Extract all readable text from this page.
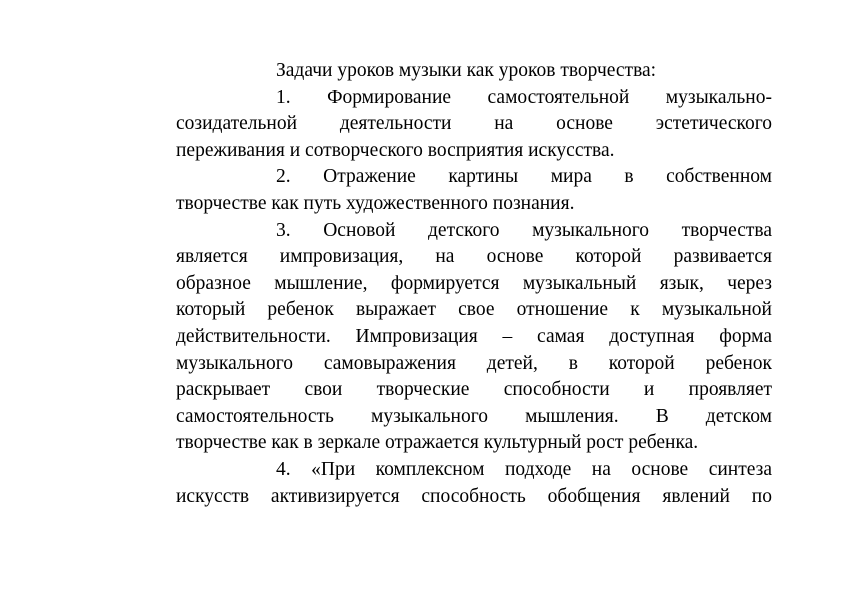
Задачи уроков музыки как уроков творчества:
1. Формирование самостоятельной музыкально-
созидательной деятельности на основе эстетического
переживания и сотворческого восприятия искусства.
2. Отражение картины мира в собственном
творчестве как путь художественного познания.
3. Основой детского музыкального творчества
является импровизация, на основе которой развивается
образное мышление, формируется музыкальный язык, через
который ребенок выражает свое отношение к музыкальной
действительности. Импровизация – самая доступная форма
музыкального самовыражения детей, в которой ребенок
раскрывает свои творческие способности и проявляет
самостоятельность музыкального мышления. В детском
творчестве как в зеркале отражается культурный рост ребенка.
4. «При комплексном подходе на основе синтеза
искусств активизируется способность обобщения явлений по
